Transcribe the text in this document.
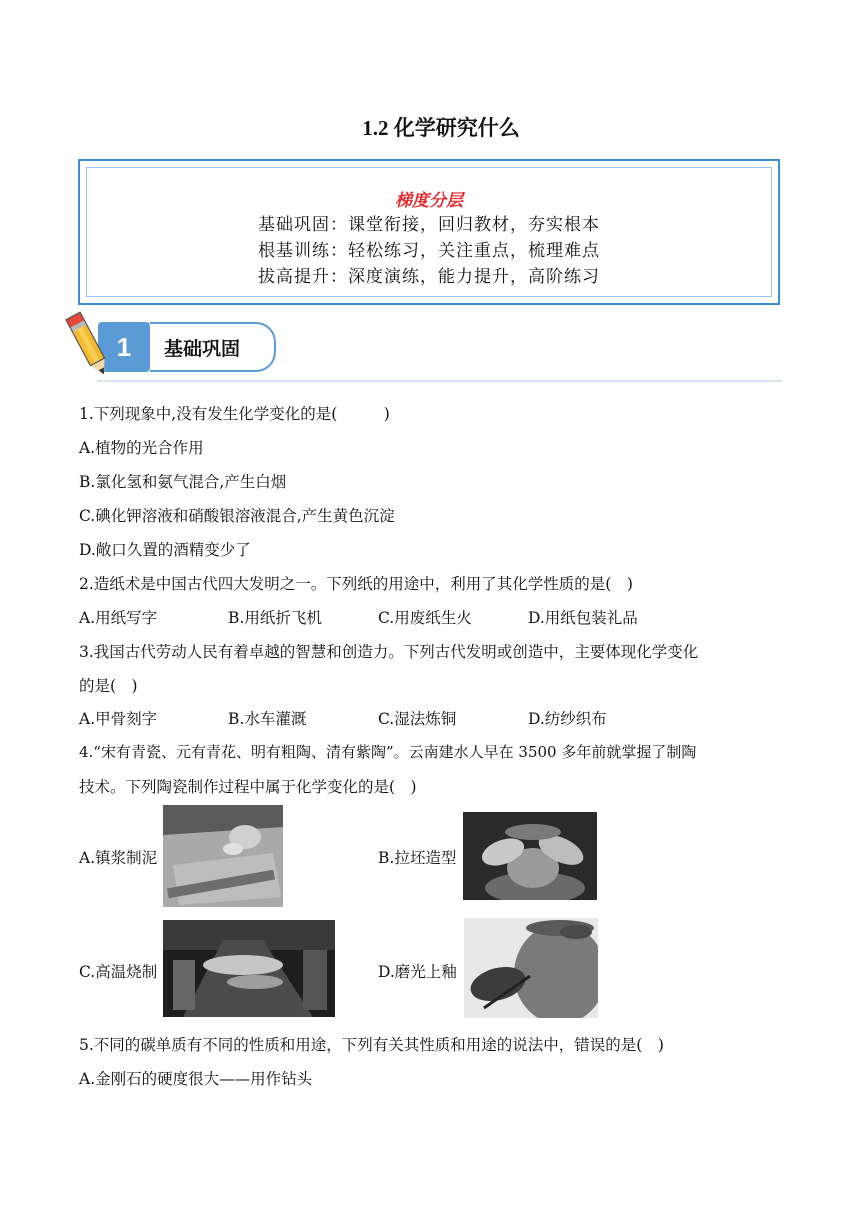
1.2 化学研究什么
梯度分层
基础巩固：课堂衔接，回归教材，夯实根本
根基训练：轻松练习，关注重点，梳理难点
拔高提升：深度演练，能力提升，高阶练习
1	基础巩固
1.下列现象中,没有发生化学变化的是(　　　)
A.植物的光合作用
B.氯化氢和氨气混合,产生白烟
C.碘化钾溶液和硝酸银溶液混合,产生黄色沉淀
D.敞口久置的酒精变少了
2.造纸术是中国古代四大发明之一。下列纸的用途中，利用了其化学性质的是(　)
A.用纸写字	B.用纸折飞机	C.用废纸生火	D.用纸包装礼品
3.我国古代劳动人民有着卓越的智慧和创造力。下列古代发明或创造中，主要体现化学变化
的是(　)
A.甲骨刻字	B.水车灌溉	C.湿法炼铜	D.纺纱织布
4.“宋有青瓷、元有青花、明有粗陶、清有紫陶”。云南建水人早在 3500 多年前就掌握了制陶
技术。下列陶瓷制作过程中属于化学变化的是(　)
A.镇浆制泥	B.拉坯造型
C.高温烧制	D.磨光上釉
5.不同的碳单质有不同的性质和用途，下列有关其性质和用途的说法中，错误的是(　)
A.金刚石的硬度很大——用作钻头
